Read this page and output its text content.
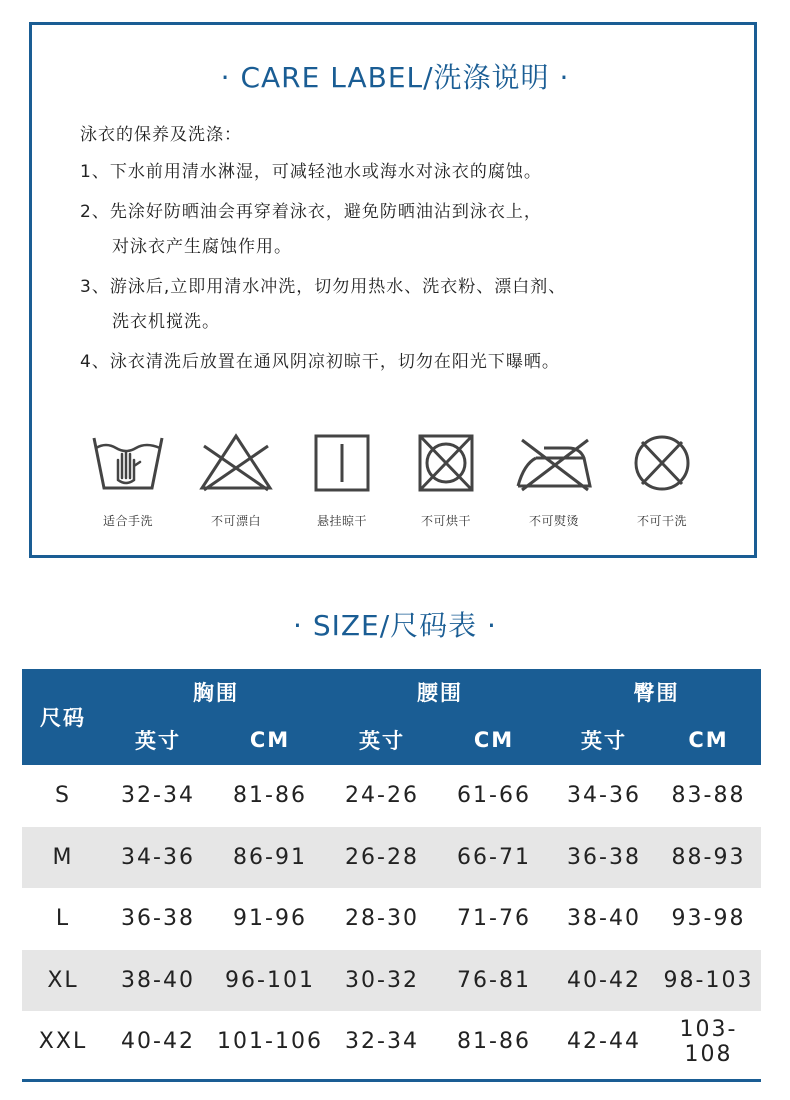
· CARE LABEL/洗涤说明 ·
泳衣的保养及洗涤：
1、下水前用清水淋湿，可减轻池水或海水对泳衣的腐蚀。
2、先涂好防晒油会再穿着泳衣，避免防晒油沾到泳衣上，
对泳衣产生腐蚀作用。
3、游泳后,立即用清水冲洗，切勿用热水、洗衣粉、漂白剂、
洗衣机搅洗。
4、泳衣清洗后放置在通风阴凉初晾干，切勿在阳光下曝晒。
适合手洗	不可漂白	悬挂晾干	不可烘干	不可熨烫	不可干洗
· SIZE/尺码表 ·
尺码	胸围		腰围		臀围	
	英寸	CM	英寸	CM	英寸	CM
S	32-34	81-86	24-26	61-66	34-36	83-88
M	34-36	86-91	26-28	66-71	36-38	88-93
L	36-38	91-96	28-30	71-76	38-40	93-98
XL	38-40	96-101	30-32	76-81	40-42	98-103
XXL	40-42	101-106	32-34	81-86	42-44	103-108
